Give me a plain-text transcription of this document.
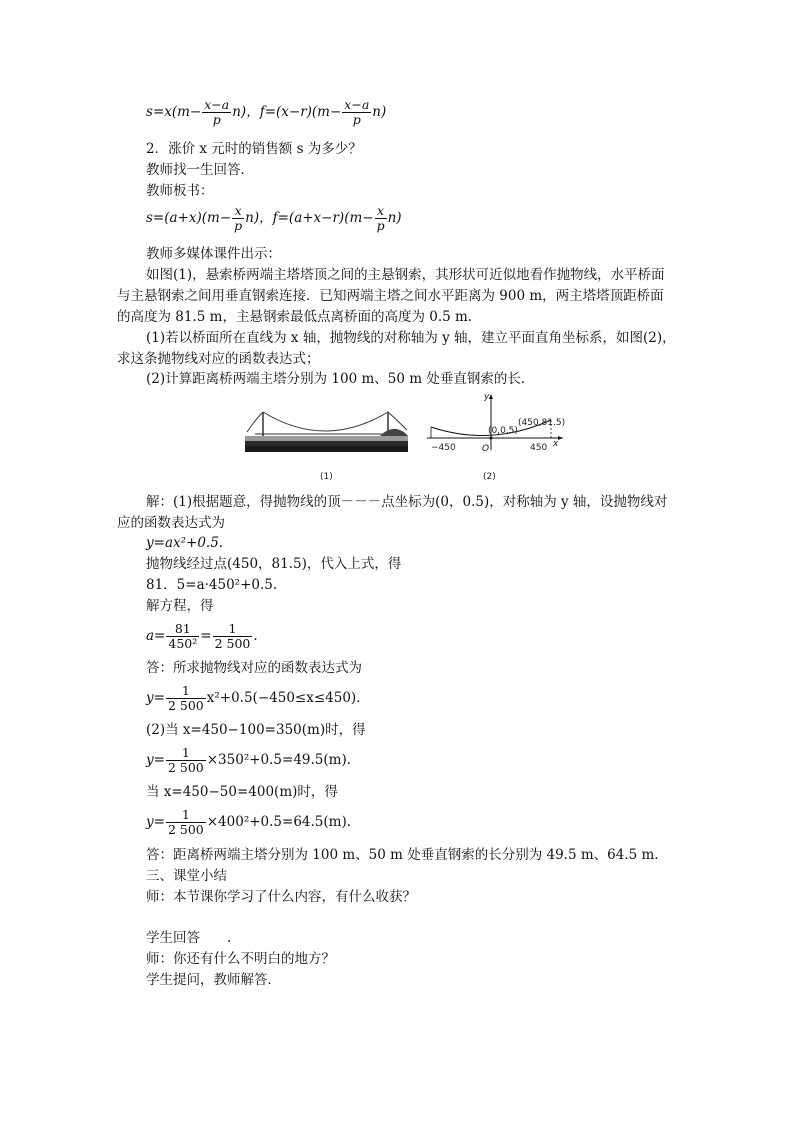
$s=x(m- \frac{x-a}{p} n)$，$f=(x-r)(m- \frac{x-a}{p} n)$
2．涨价 x 元时的销售额 s 为多少？
教师找一生回答．
教师板书：
$s=(a+x)(m- \frac{x}{p} n)$，$f=(a+x-r)(m- \frac{x}{p} n)$
教师多媒体课件出示：
如图(1)，悬索桥两端主塔塔顶之间的主悬钢索，其形状可近似地看作抛物线，水平桥面
与主悬钢索之间用垂直钢索连接．已知两端主塔之间水平距离为 900 m，两主塔塔顶距桥面
的高度为 81.5 m，主悬钢索最低点离桥面的高度为 0.5 m.
(1)若以桥面所在直线为 x 轴，抛物线的对称轴为 y 轴，建立平面直角坐标系，如图(2)，
求这条抛物线对应的函数表达式；
(2)计算距离桥两端主塔分别为 100 m、50 m 处垂直钢索的长．
(1)	(2)
y
x
O
−450	450
(0,0.5)
(450,81.5)
解：(1)根据题意，得抛物线的顶－－－点坐标为(0，0.5)，对称轴为 y 轴，设抛物线对
应的函数表达式为
y=ax²+0.5.
抛物线经过点(450，81.5)，代入上式，得
81．5=a·450²+0.5.
解方程，得
$a= \frac{81}{\text{450²}} = \frac{1}{2 500}$ .
答：所求抛物线对应的函数表达式为
$y= \frac{1}{2 500} x^2+0.5(-450\le x\le 450)$.
(2)当 x=450−100=350(m)时，得
$y= \frac{1}{2 500} \times 350^2+0.5=49.5(m)$.
当 x=450−50=400(m)时，得
$y= \frac{1}{2 500} \times 400^2+0.5=64.5(m)$.
答：距离桥两端主塔分别为 100 m、50 m 处垂直钢索的长分别为 49.5 m、64.5 m.
三、课堂小结
师：本节课你学习了什么内容，有什么收获？
学生回答　　.
师：你还有什么不明白的地方？
学生提问，教师解答．
